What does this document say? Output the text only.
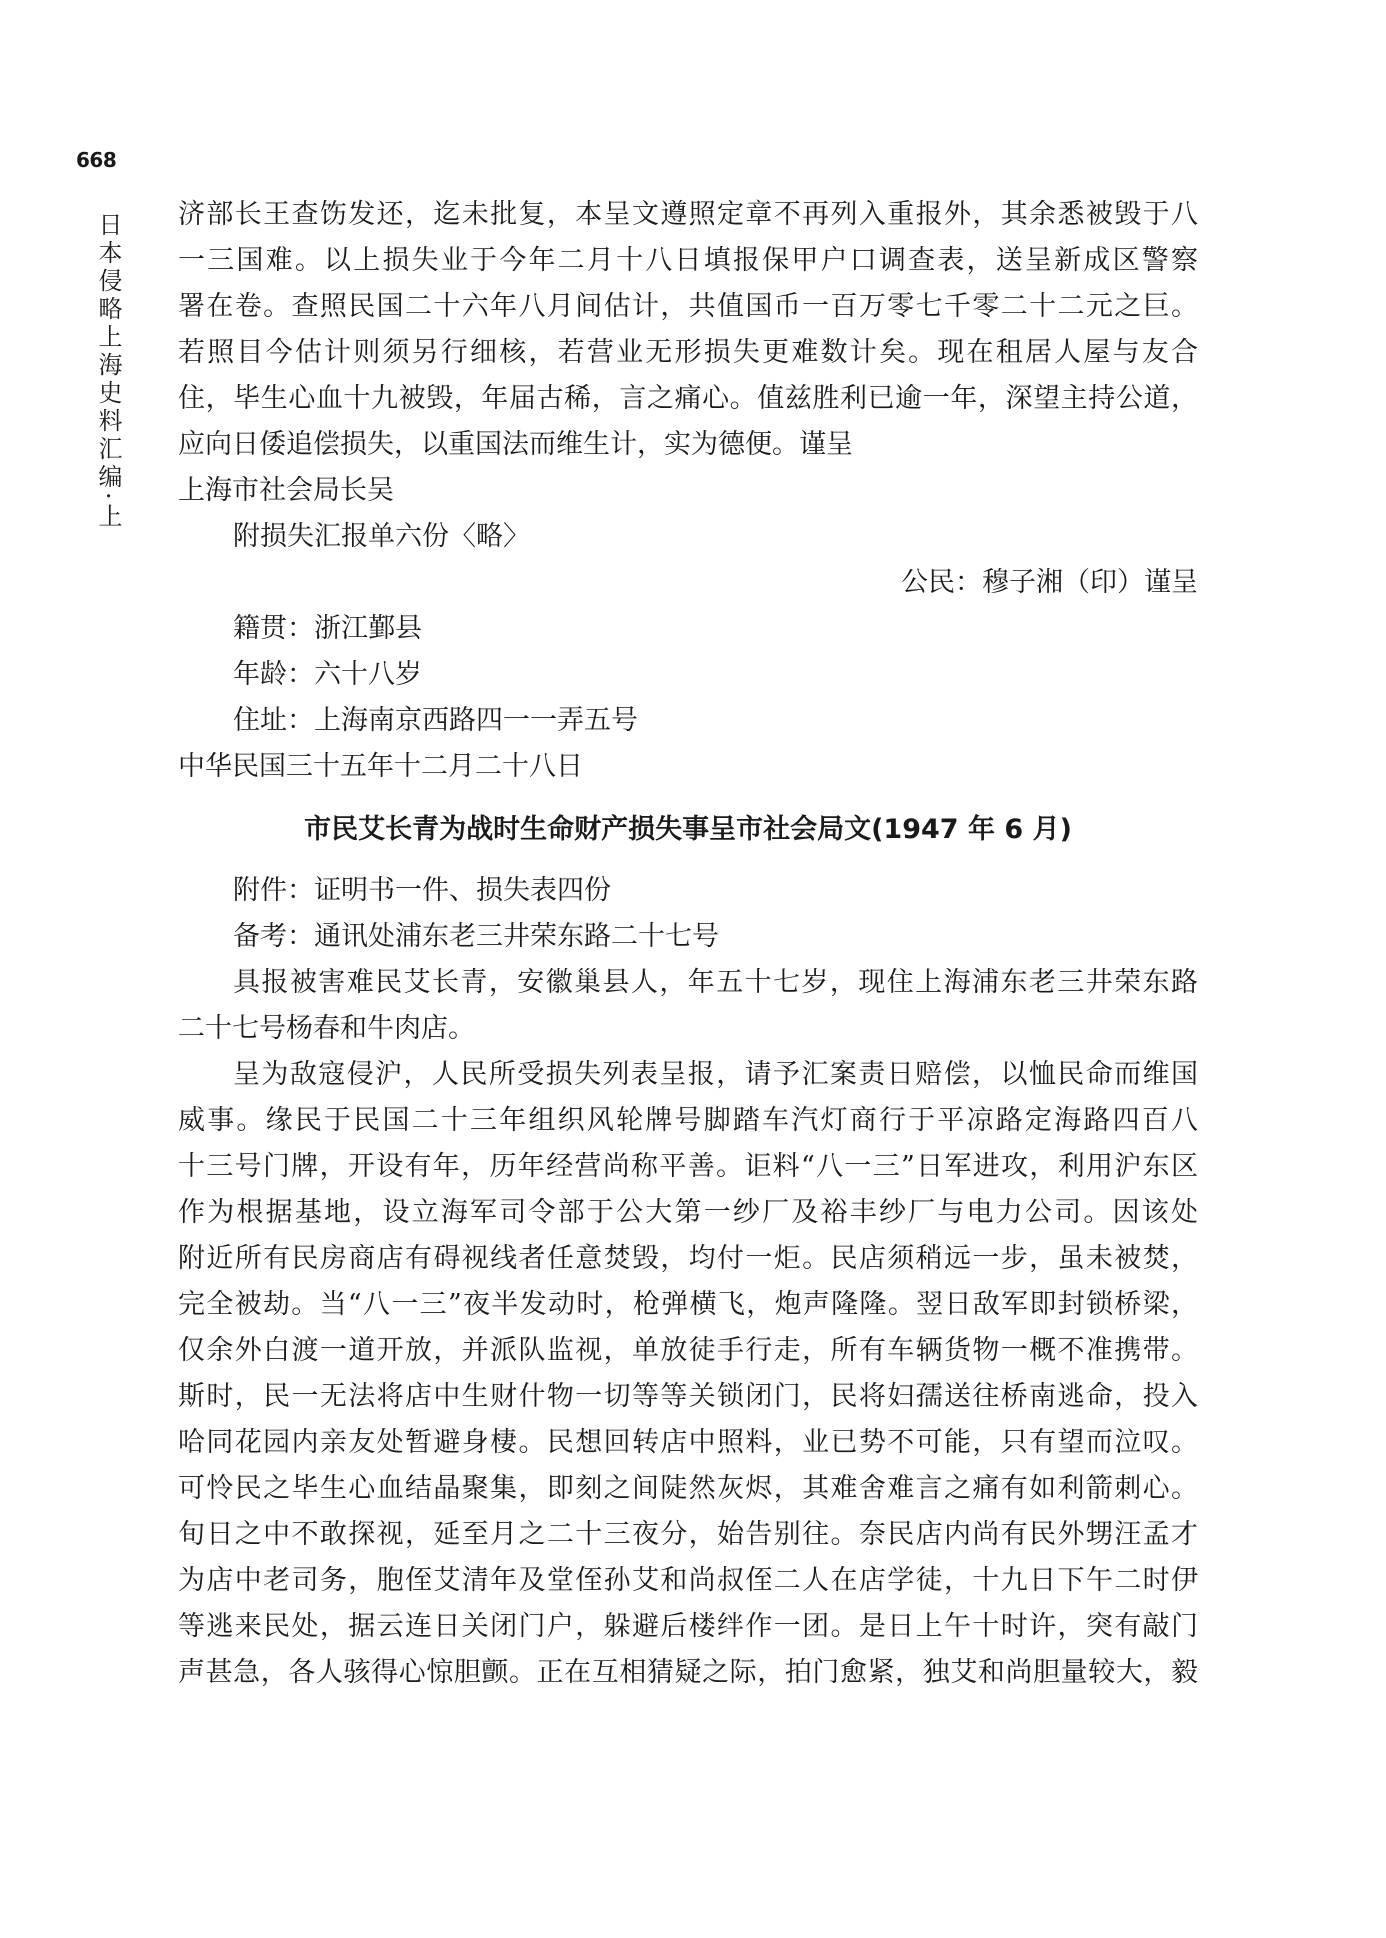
668
日本侵略上海史料汇编·上 济部长王查饬发还，迄未批复，本呈文遵照定章不再列入重报外，其余悉被毁于八
一三国难。以上损失业于今年二月十八日填报保甲户口调查表，送呈新成区警察
署在卷。查照民国二十六年八月间估计，共值国币一百万零七千零二十二元之巨。
若照目今估计则须另行细核，若营业无形损失更难数计矣。现在租居人屋与友合
住，毕生心血十九被毁，年届古稀，言之痛心。值兹胜利已逾一年，深望主持公道，
应向日倭追偿损失，以重国法而维生计，实为德便。谨呈
上海市社会局长吴
附损失汇报单六份〈略〉
公民：穆子湘（印）谨呈
籍贯：浙江鄞县
年龄：六十八岁
住址：上海南京西路四一一弄五号
中华民国三十五年十二月二十八日
市民艾长青为战时生命财产损失事呈市社会局文(1947 年 6 月)
附件：证明书一件、损失表四份
备考：通讯处浦东老三井荣东路二十七号
具报被害难民艾长青，安徽巢县人，年五十七岁，现住上海浦东老三井荣东路
二十七号杨春和牛肉店。
呈为敌寇侵沪，人民所受损失列表呈报，请予汇案责日赔偿，以恤民命而维国
威事。缘民于民国二十三年组织风轮牌号脚踏车汽灯商行于平凉路定海路四百八
十三号门牌，开设有年，历年经营尚称平善。讵料“八一三”日军进攻，利用沪东区
作为根据基地，设立海军司令部于公大第一纱厂及裕丰纱厂与电力公司。因该处
附近所有民房商店有碍视线者任意焚毁，均付一炬。民店须稍远一步，虽未被焚，
完全被劫。当“八一三”夜半发动时，枪弹横飞，炮声隆隆。翌日敌军即封锁桥梁，
仅余外白渡一道开放，并派队监视，单放徒手行走，所有车辆货物一概不准携带。
斯时，民一无法将店中生财什物一切等等关锁闭门，民将妇孺送往桥南逃命，投入
哈同花园内亲友处暂避身棲。民想回转店中照料，业已势不可能，只有望而泣叹。
可怜民之毕生心血结晶聚集，即刻之间陡然灰烬，其难舍难言之痛有如利箭刺心。
旬日之中不敢探视，延至月之二十三夜分，始告别往。奈民店内尚有民外甥汪孟才
为店中老司务，胞侄艾清年及堂侄孙艾和尚叔侄二人在店学徒，十九日下午二时伊
等逃来民处，据云连日关闭门户，躲避后楼绊作一团。是日上午十时许，突有敲门
声甚急，各人骇得心惊胆颤。正在互相猜疑之际，拍门愈紧，独艾和尚胆量较大，毅
